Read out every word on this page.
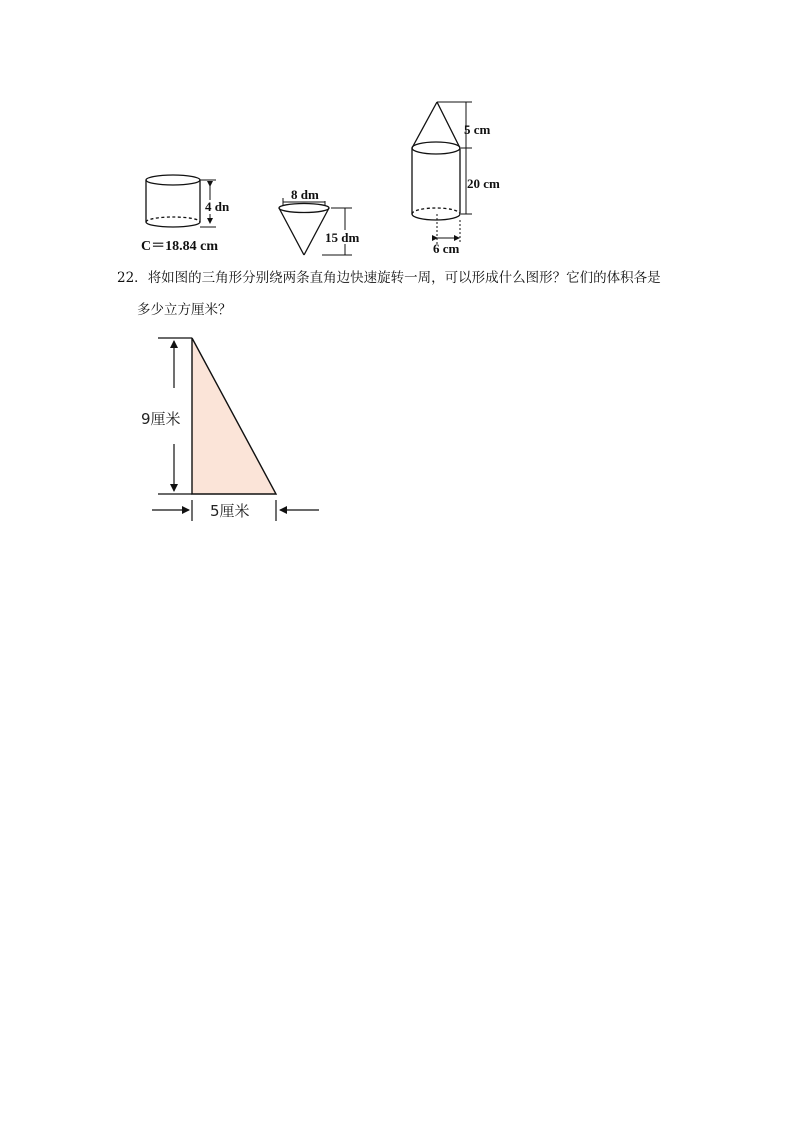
4 dn
C＝18.84 cm
8 dm
15 dm
5 cm
20 cm
6 cm
9厘米
5厘米
22．将如图的三角形分别绕两条直角边快速旋转一周，可以形成什么图形？它们的体积各是
多少立方厘米？
